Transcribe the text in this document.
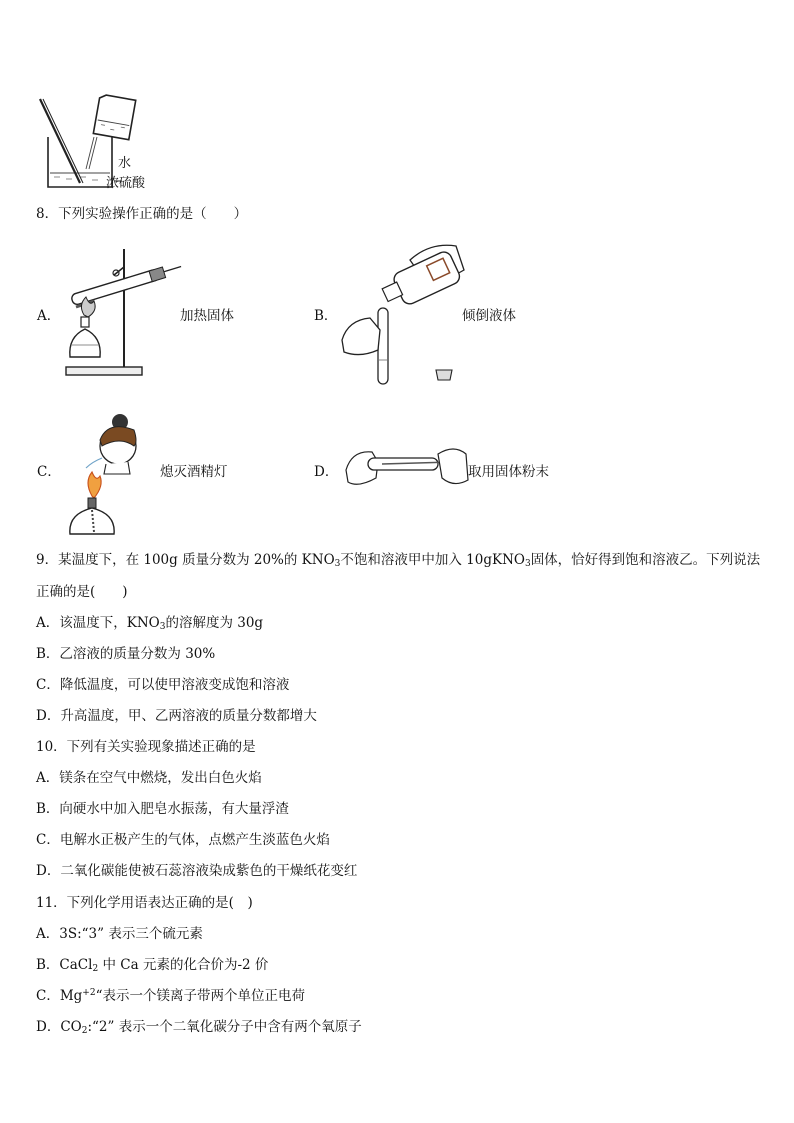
水
浓硫酸
8．下列实验操作正确的是（　　）
A．	加热固体	B．	倾倒液体
C．	熄灭酒精灯	D．	取用固体粉末
9．某温度下，在 100g 质量分数为 20%的 $KNO_3$不饱和溶液甲中加入 10gKNO$_3$固体，恰好得到饱和溶液乙。下列说法
正确的是(　　)
A．该温度下，$KNO_3$的溶解度为 30g
B．乙溶液的质量分数为 30%
C．降低温度，可以使甲溶液变成饱和溶液
D．升高温度，甲、乙两溶液的质量分数都增大
10．下列有关实验现象描述正确的是
A．镁条在空气中燃烧，发出白色火焰
B．向硬水中加入肥皂水振荡，有大量浮渣
C．电解水正极产生的气体，点燃产生淡蓝色火焰
D．二氧化碳能使被石蕊溶液染成紫色的干燥纸花变红
11．下列化学用语表达正确的是(　)
A．3S:“3” 表示三个硫元素
B．CaCl$_2$ 中 Ca 元素的化合价为-2 价
C．$Mg^{+2}“$表示一个镁离子带两个单位正电荷
D．$CO_2:“2$” 表示一个二氧化碳分子中含有两个氧原子
